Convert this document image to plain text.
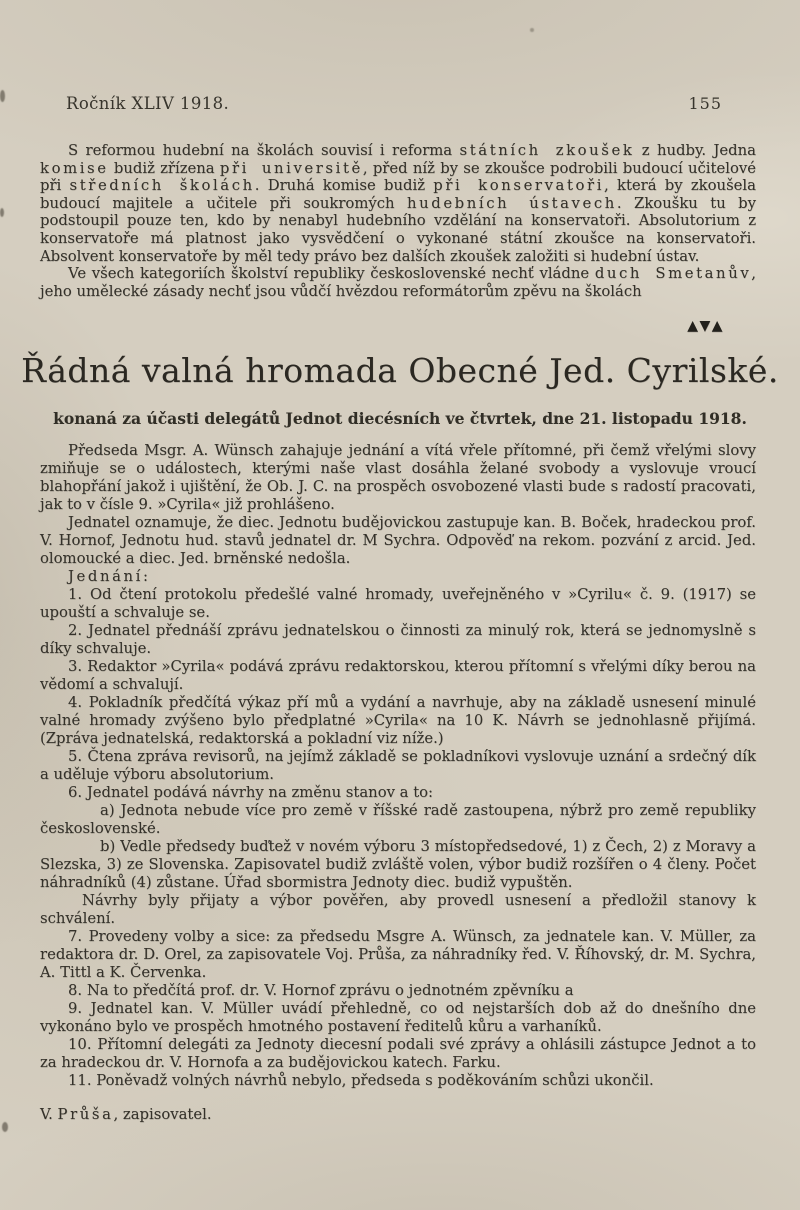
Ročník XLIV 1918.	155

S reformou hudební na školách souvisí i reforma státních zkoušek z hudby. Jedna komise budiž zřízena při universitě, před níž by se zkoušce podrobili budoucí učitelové při středních školách. Druhá komise budiž při konservatoři, která by zkoušela budoucí majitele a učitele při soukromých hudebních ústavech. Zkoušku tu by podstoupil pouze ten, kdo by nenabyl hudebního vzdělání na konservatoři. Absolutorium z konservatoře má platnost jako vysvědčení o vykonané státní zkoušce na konservatoři. Absolvent konservatoře by měl tedy právo bez dalších zkoušek založiti si hudební ústav.

Ve všech kategoriích školství republiky československé nechť vládne duch Smetanův, jeho umělecké zásady nechť jsou vůdčí hvězdou reformátorům zpěvu na školách

▲▼▲
Řádná valná hromada Obecné Jed. Cyrilské.

konaná za účasti delegátů Jednot diecésních ve čtvrtek, dne 21. listopadu 1918.

Předseda Msgr. A. Wünsch zahajuje jednání a vítá vřele přítomné, při čemž vřelými slovy zmiňuje se o událostech, kterými naše vlast dosáhla želané svobody a vyslovuje vroucí blahopřání jakož i ujištění, že Ob. J. C. na prospěch osvobozené vlasti bude s radostí pracovati, jak to v čísle 9. »Cyrila« již prohlášeno.

Jednatel oznamuje, že diec. Jednotu budějovickou zastupuje kan. B. Boček, hradeckou prof. V. Hornof, Jednotu hud. stavů jednatel dr. M Sychra. Odpověď na rekom. pozvání z arcid. Jed. olomoucké a diec. Jed. brněnské nedošla.

Jednání:

1. Od čtení protokolu předešlé valné hromady, uveřejněného v »Cyrilu« č. 9. (1917) se upouští a schvaluje se.

2. Jednatel přednáší zprávu jednatelskou o činnosti za minulý rok, která se jednomyslně s díky schvaluje.

3. Redaktor »Cyrila« podává zprávu redaktorskou, kterou přítomní s vřelými díky berou na vědomí a schvalují.

4. Pokladník předčítá výkaz pří mů a vydání a navrhuje, aby na základě usnesení minulé valné hromady zvýšeno bylo předplatné »Cyrila« na 10 K. Návrh se jednohlasně přijímá. (Zpráva jednatelská, redaktorská a pokladní viz níže.)

5. Čtena zpráva revisorů, na jejímž základě se pokladníkovi vyslovuje uznání a srdečný dík a uděluje výboru absolutorium.

6. Jednatel podává návrhy na změnu stanov a to:

a) Jednota nebude více pro země v říšské radě zastoupena, nýbrž pro země republiky československé.

b) Vedle předsedy buďtež v novém výboru 3 místopředsedové, 1) z Čech, 2) z Moravy a Slezska, 3) ze Slovenska. Zapisovatel budiž zvláště volen, výbor budiž rozšířen o 4 členy. Počet náhradníků (4) zůstane. Úřad sbormistra Jednoty diec. budiž vypuštěn.

Návrhy byly přijaty a výbor pověřen, aby provedl usnesení a předložil stanovy k schválení.

7. Provedeny volby a sice: za předsedu Msgre A. Wünsch, za jednatele kan. V. Müller, za redaktora dr. D. Orel, za zapisovatele Voj. Průša, za náhradníky řed. V. Říhovský, dr. M. Sychra, A. Tittl a K. Červenka.

8. Na to předčítá prof. dr. V. Hornof zprávu o jednotném zpěvníku a

9. Jednatel kan. V. Müller uvádí přehledně, co od nejstarších dob až do dnešního dne vykonáno bylo ve prospěch hmotného postavení ředitelů kůru a varhaníků.

10. Přítomní delegáti za Jednoty diecesní podali své zprávy a ohlásili zástupce Jednot a to za hradeckou dr. V. Hornofa a za budějovickou katech. Farku.

11. Poněvadž volných návrhů nebylo, předseda s poděkováním schůzi ukončil.

V. Průša, zapisovatel.
